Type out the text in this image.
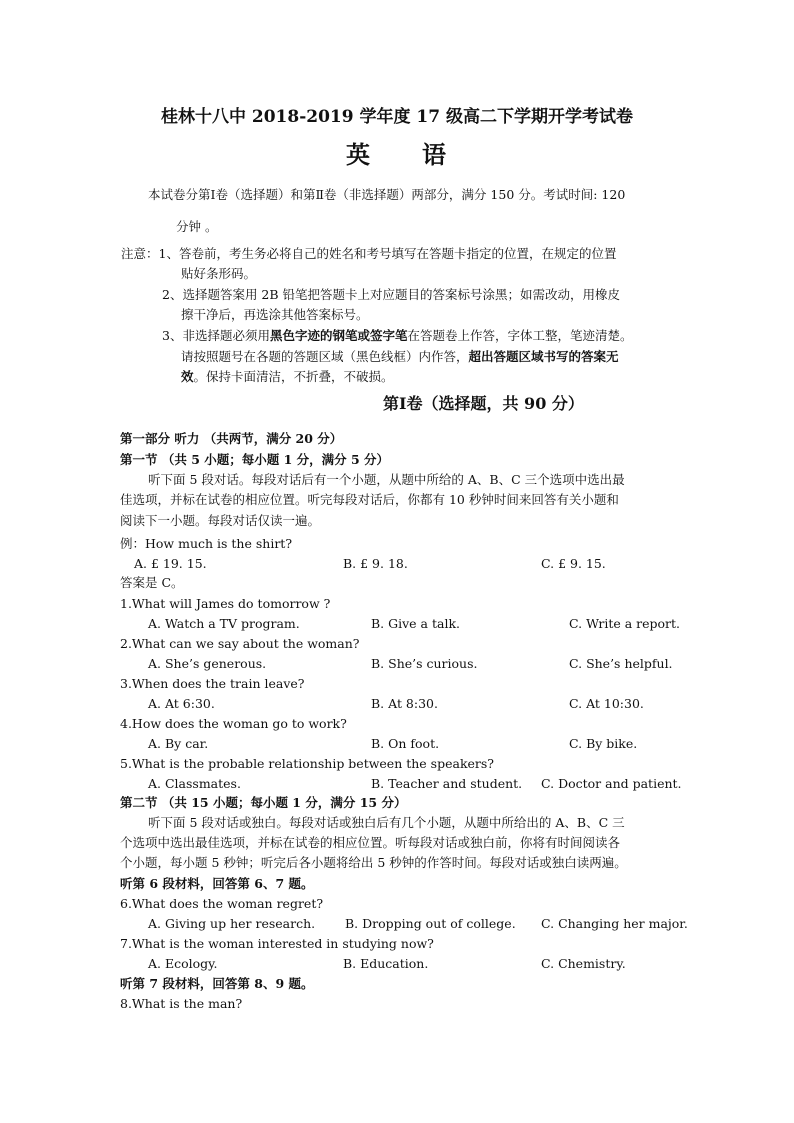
桂林十八中 2018-2019 学年度 17 级高二下学期开学考试卷
英 语
本试卷分第Ⅰ卷（选择题）和第Ⅱ卷（非选择题）两部分，满分 150 分。考试时间: 120
分钟 。
注意：1、答卷前，考生务必将自己的姓名和考号填写在答题卡指定的位置，在规定的位置
贴好条形码。
2、选择题答案用 2B 铅笔把答题卡上对应题目的答案标号涂黑；如需改动，用橡皮
擦干净后，再选涂其他答案标号。
3、非选择题必须用黑色字迹的钢笔或签字笔在答题卷上作答，字体工整，笔迹清楚。
请按照题号在各题的答题区域（黑色线框）内作答，超出答题区域书写的答案无
效。保持卡面清洁，不折叠，不破损。
第Ⅰ卷（选择题，共 90 分）
第一部分 听力 （共两节，满分 20 分）
第一节 （共 5 小题；每小题 1 分，满分 5 分）
听下面 5 段对话。每段对话后有一个小题，从题中所给的 A、B、C 三个选项中选出最
佳选项，并标在试卷的相应位置。听完每段对话后，你都有 10 秒钟时间来回答有关小题和
阅读下一小题。每段对话仅读一遍。
例：How much is the shirt?
A. £ 19. 15.	B. £ 9. 18.	C. £ 9. 15.
答案是 C。
1.What will James do tomorrow ?
A. Watch a TV program.	B. Give a talk.	C. Write a report.
2.What can we say about the woman?
A. She’s generous.	B. She’s curious.	C. She’s helpful.
3.When does the train leave?
A. At 6:30.	B. At 8:30.	C. At 10:30.
4.How does the woman go to work?
A. By car.	B. On foot.	C. By bike.
5.What is the probable relationship between the speakers?
A. Classmates.	B. Teacher and student. C. Doctor and patient.
第二节 （共 15 小题；每小题 1 分，满分 15 分）
听下面 5 段对话或独白。每段对话或独白后有几个小题，从题中所给出的 A、B、C 三
个选项中选出最佳选项，并标在试卷的相应位置。听每段对话或独白前，你将有时间阅读各
个小题，每小题 5 秒钟；听完后各小题将给出 5 秒钟的作答时间。每段对话或独白读两遍。
听第 6 段材料，回答第 6、7 题。
6.What does the woman regret?
A. Giving up her research. B. Dropping out of college. C. Changing her major.
7.What is the woman interested in studying now?
A. Ecology.	B. Education.	C. Chemistry.
听第 7 段材料，回答第 8、9 题。
8.What is the man?
